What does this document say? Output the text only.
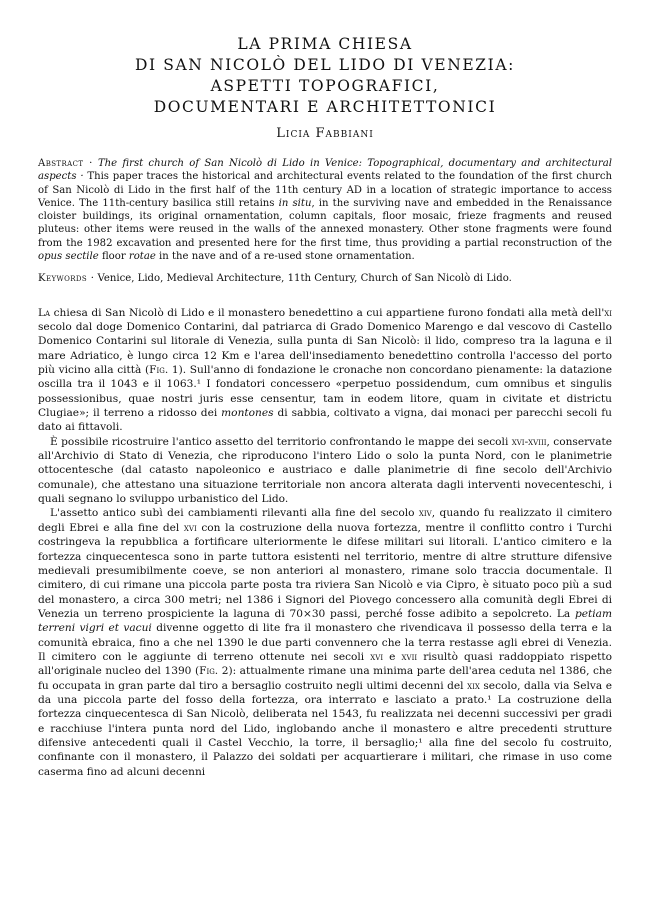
LA PRIMA CHIESA
DI SAN NICOLÒ DEL LIDO DI VENEZIA:
ASPETTI TOPOGRAFICI,
DOCUMENTARI E ARCHITETTONICI
Licia Fabbiani
Abstract · The first church of San Nicolò di Lido in Venice: Topographical, documentary and architectural aspects · This paper traces the historical and architectural events related to the foundation of the first church of San Nicolò di Lido in the first half of the 11th century AD in a location of strategic importance to access Venice. The 11th-century basilica still retains in situ, in the surviving nave and embedded in the Renaissance cloister buildings, its original ornamentation, column capitals, floor mosaic, frieze fragments and reused pluteus: other items were reused in the walls of the annexed monastery. Other stone fragments were found from the 1982 excavation and presented here for the first time, thus providing a partial reconstruction of the opus sectile floor rotae in the nave and of a re-used stone ornamentation.
Keywords · Venice, Lido, Medieval Architecture, 11th Century, Church of San Nicolò di Lido.

La chiesa di San Nicolò di Lido e il monastero benedettino a cui appartiene furono fondati alla metà dell'xi secolo dal doge Domenico Contarini, dal patriarca di Grado Domenico Marengo e dal vescovo di Castello Domenico Contarini sul litorale di Venezia, sulla punta di San Nicolò: il lido, compreso tra la laguna e il mare Adriatico, è lungo circa 12 Km e l'area dell'insediamento benedettino controlla l'accesso del porto più vicino alla città (Fig. 1). Sull'anno di fondazione le cronache non concordano pienamente: la datazione oscilla tra il 1043 e il 1063.¹ I fondatori concessero «perpetuo possidendum, cum omnibus et singulis possessionibus, quae nostri juris esse censentur, tam in eodem litore, quam in civitate et districtu Clugiae»; il terreno a ridosso dei montones di sabbia, coltivato a vigna, dai monaci per parecchi secoli fu dato ai fittavoli.

È possibile ricostruire l'antico assetto del territorio confrontando le mappe dei secoli xvi-xviii, conservate all'Archivio di Stato di Venezia, che riproducono l'intero Lido o solo la punta Nord, con le planimetrie ottocentesche (dal catasto napoleonico e austriaco e dalle planimetrie di fine secolo dell'Archivio comunale), che attestano una situazione territoriale non ancora alterata dagli interventi novecenteschi, i quali segnano lo sviluppo urbanistico del Lido.

L'assetto antico subì dei cambiamenti rilevanti alla fine del secolo xiv, quando fu realizzato il cimitero degli Ebrei e alla fine del xvi con la costruzione della nuova fortezza, mentre il conflitto contro i Turchi costringeva la repubblica a fortificare ulteriormente le difese militari sui litorali. L'antico cimitero e la fortezza cinquecentesca sono in parte tuttora esistenti nel territorio, mentre di altre strutture difensive medievali presumibilmente coeve, se non anteriori al monastero, rimane solo traccia documentale. Il cimitero, di cui rimane una piccola parte posta tra riviera San Nicolò e via Cipro, è situato poco più a sud del monastero, a circa 300 metri; nel 1386 i Signori del Piovego concessero alla comunità degli Ebrei di Venezia un terreno prospiciente la laguna di 70×30 passi, perché fosse adibito a sepolcreto. La petiam terreni vigri et vacui divenne oggetto di lite fra il monastero che rivendicava il possesso della terra e la comunità ebraica, fino a che nel 1390 le due parti convennero che la terra restasse agli ebrei di Venezia. Il cimitero con le aggiunte di terreno ottenute nei secoli xvi e xvii risultò quasi raddoppiato rispetto all'originale nucleo del 1390 (Fig. 2): attualmente rimane una minima parte dell'area ceduta nel 1386, che fu occupata in gran parte dal tiro a bersaglio costruito negli ultimi decenni del xix secolo, dalla via Selva e da una piccola parte del fosso della fortezza, ora interrato e lasciato a prato.¹ La costruzione della fortezza cinquecentesca di San Nicolò, deliberata nel 1543, fu realizzata nei decenni successivi per gradi e racchiuse l'intera punta nord del Lido, inglobando anche il monastero e altre precedenti strutture difensive antecedenti quali il Castel Vecchio, la torre, il bersaglio;¹ alla fine del secolo fu costruito, confinante con il monastero, il Palazzo dei soldati per acquartierare i militari, che rimase in uso come caserma fino ad alcuni decenni
